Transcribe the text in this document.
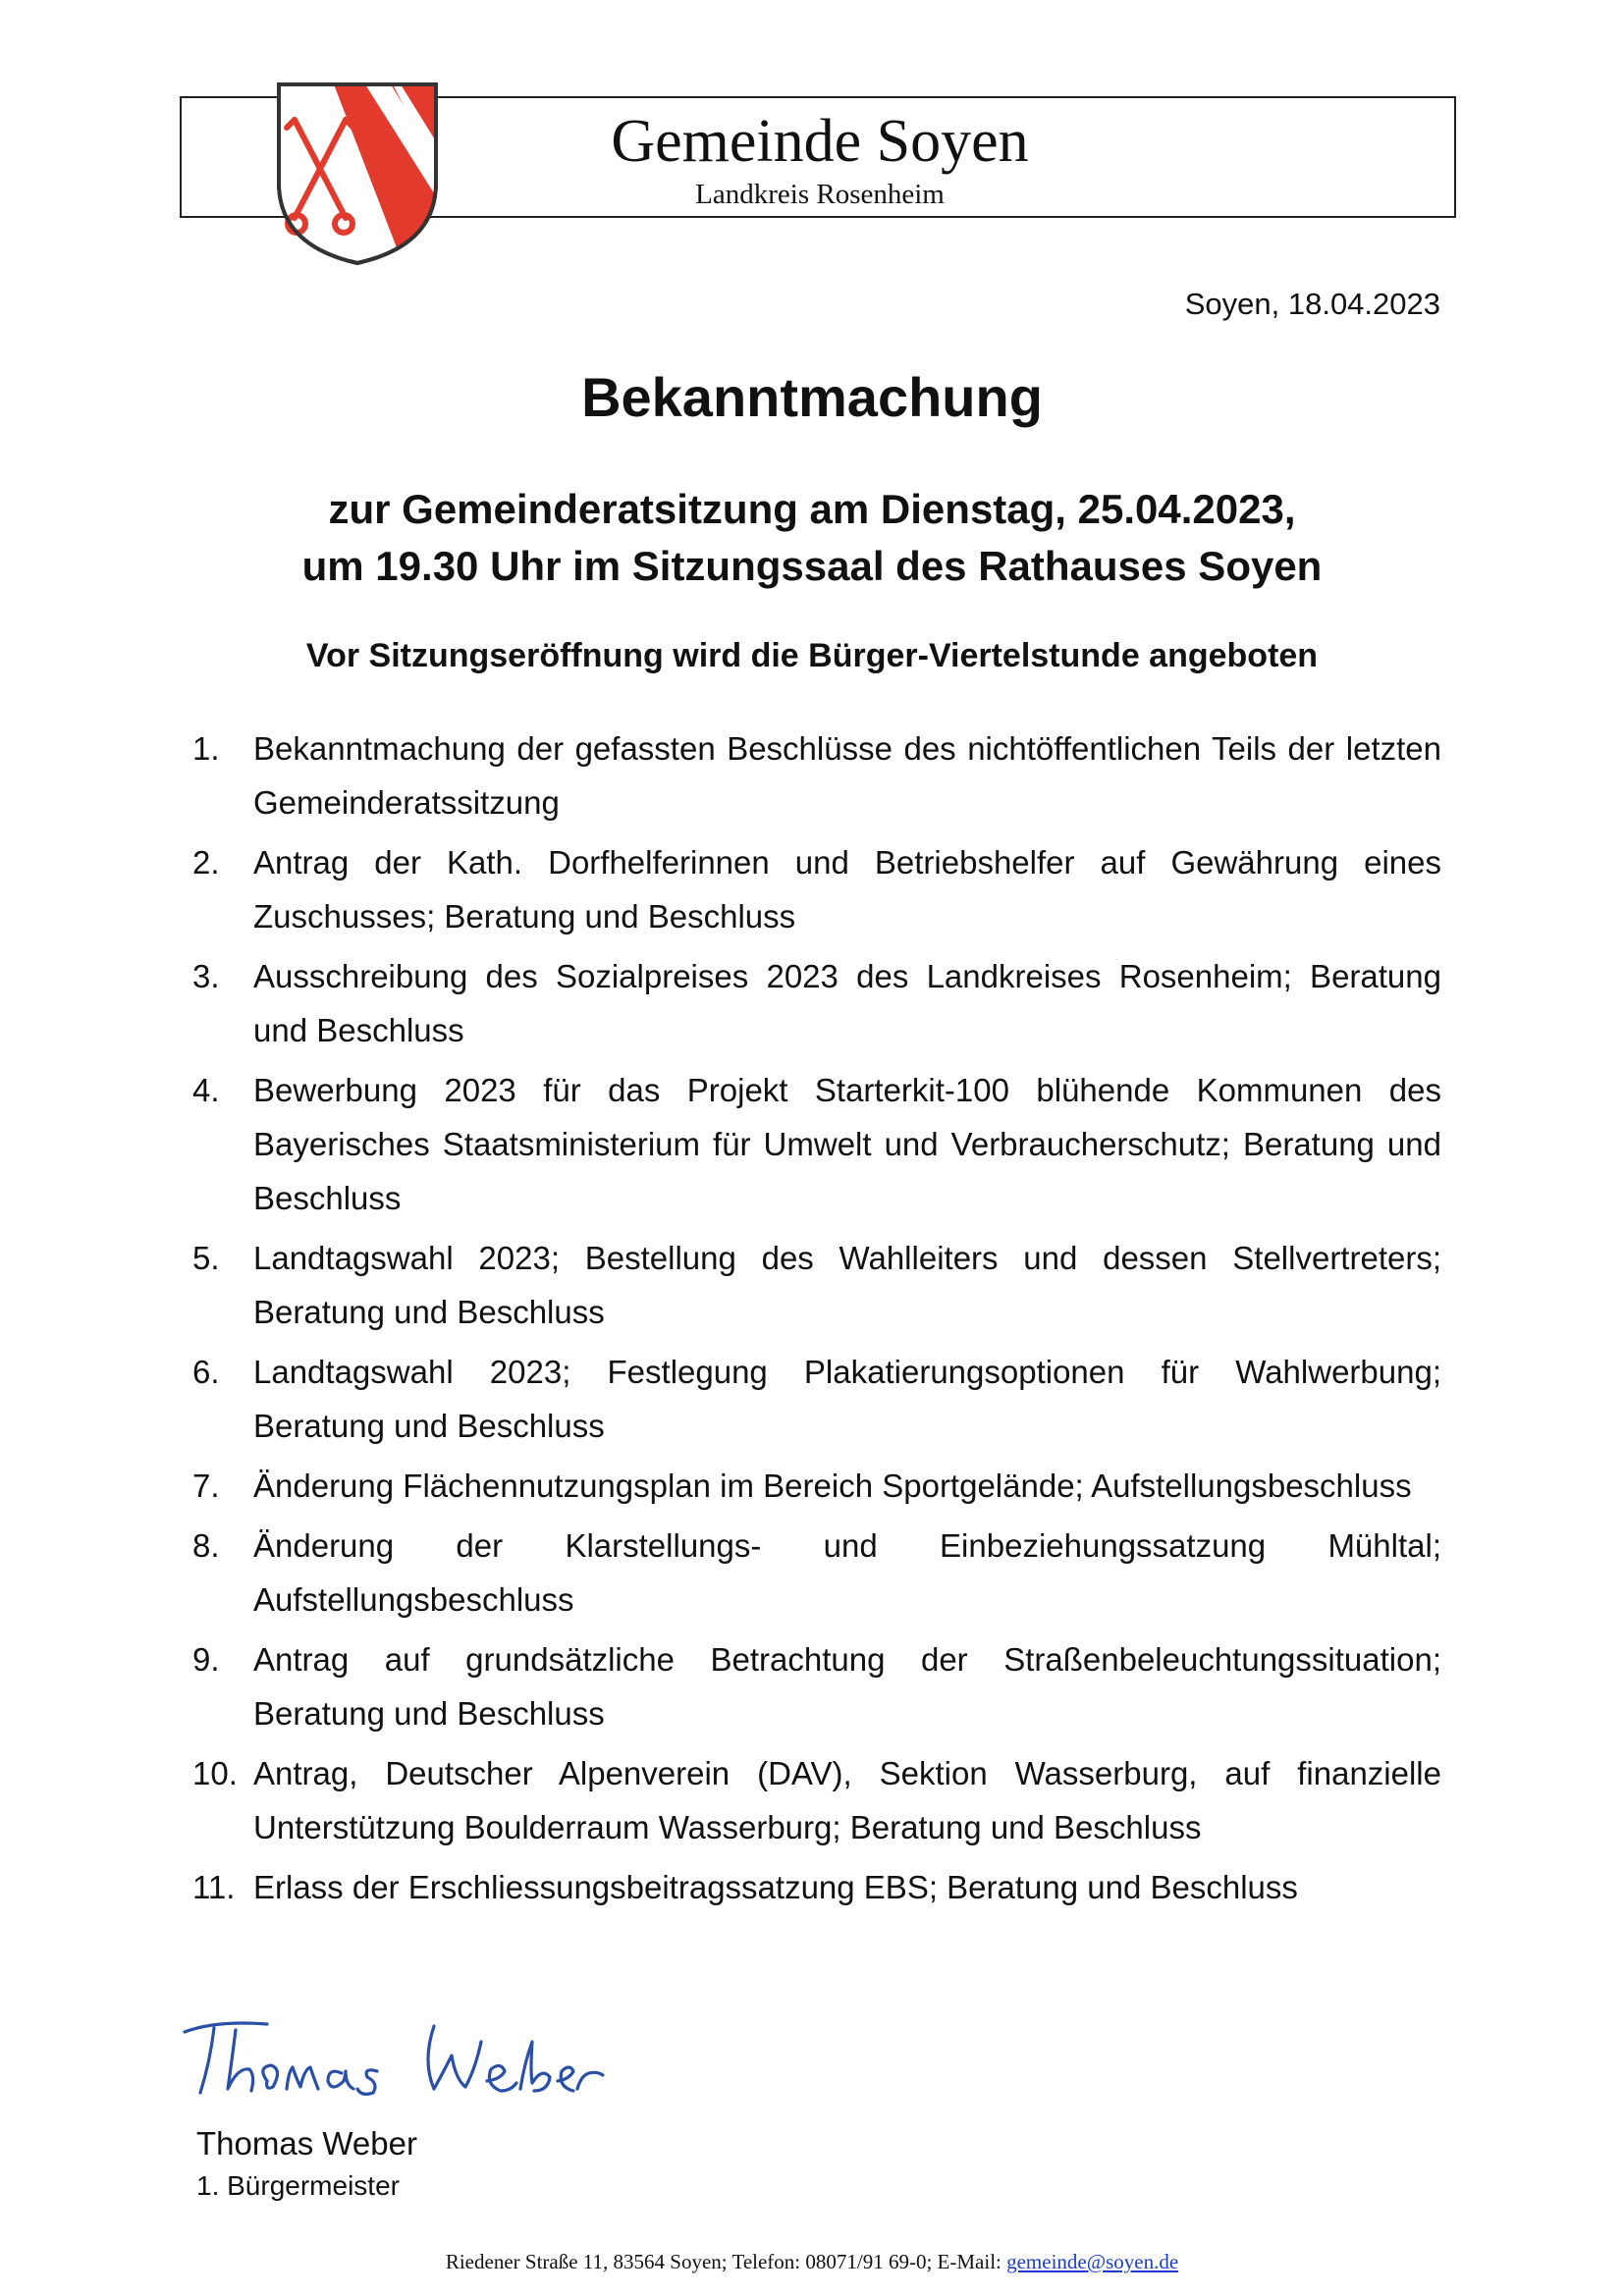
Gemeinde Soyen
Landkreis Rosenheim
Soyen, 18.04.2023
Bekanntmachung
zur Gemeinderatsitzung am Dienstag, 25.04.2023,
um 19.30 Uhr im Sitzungssaal des Rathauses Soyen
Vor Sitzungseröffnung wird die Bürger-Viertelstunde angeboten
1. Bekanntmachung der gefassten Beschlüsse des nichtöffentlichen Teils der letzten Gemeinderatssitzung
2. Antrag der Kath. Dorfhelferinnen und Betriebshelfer auf Gewährung eines Zuschusses; Beratung und Beschluss
3. Ausschreibung des Sozialpreises 2023 des Landkreises Rosenheim; Beratung und Beschluss
4. Bewerbung 2023 für das Projekt Starterkit-100 blühende Kommunen des Bayerisches Staatsministerium für Umwelt und Verbraucherschutz; Beratung und Beschluss
5. Landtagswahl 2023; Bestellung des Wahlleiters und dessen Stellvertreters; Beratung und Beschluss
6. Landtagswahl 2023; Festlegung Plakatierungsoptionen für Wahlwerbung; Beratung und Beschluss
7. Änderung Flächennutzungsplan im Bereich Sportgelände; Aufstellungsbeschluss
8. Änderung der Klarstellungs- und Einbeziehungssatzung Mühltal; Aufstellungsbeschluss
9. Antrag auf grundsätzliche Betrachtung der Straßenbeleuchtungssituation; Beratung und Beschluss
10. Antrag, Deutscher Alpenverein (DAV), Sektion Wasserburg, auf finanzielle Unterstützung Boulderraum Wasserburg; Beratung und Beschluss
11. Erlass der Erschliessungsbeitragssatzung EBS; Beratung und Beschluss
Thomas Weber
1. Bürgermeister
Riedener Straße 11, 83564 Soyen; Telefon: 08071/91 69-0; E-Mail: gemeinde@soyen.de
